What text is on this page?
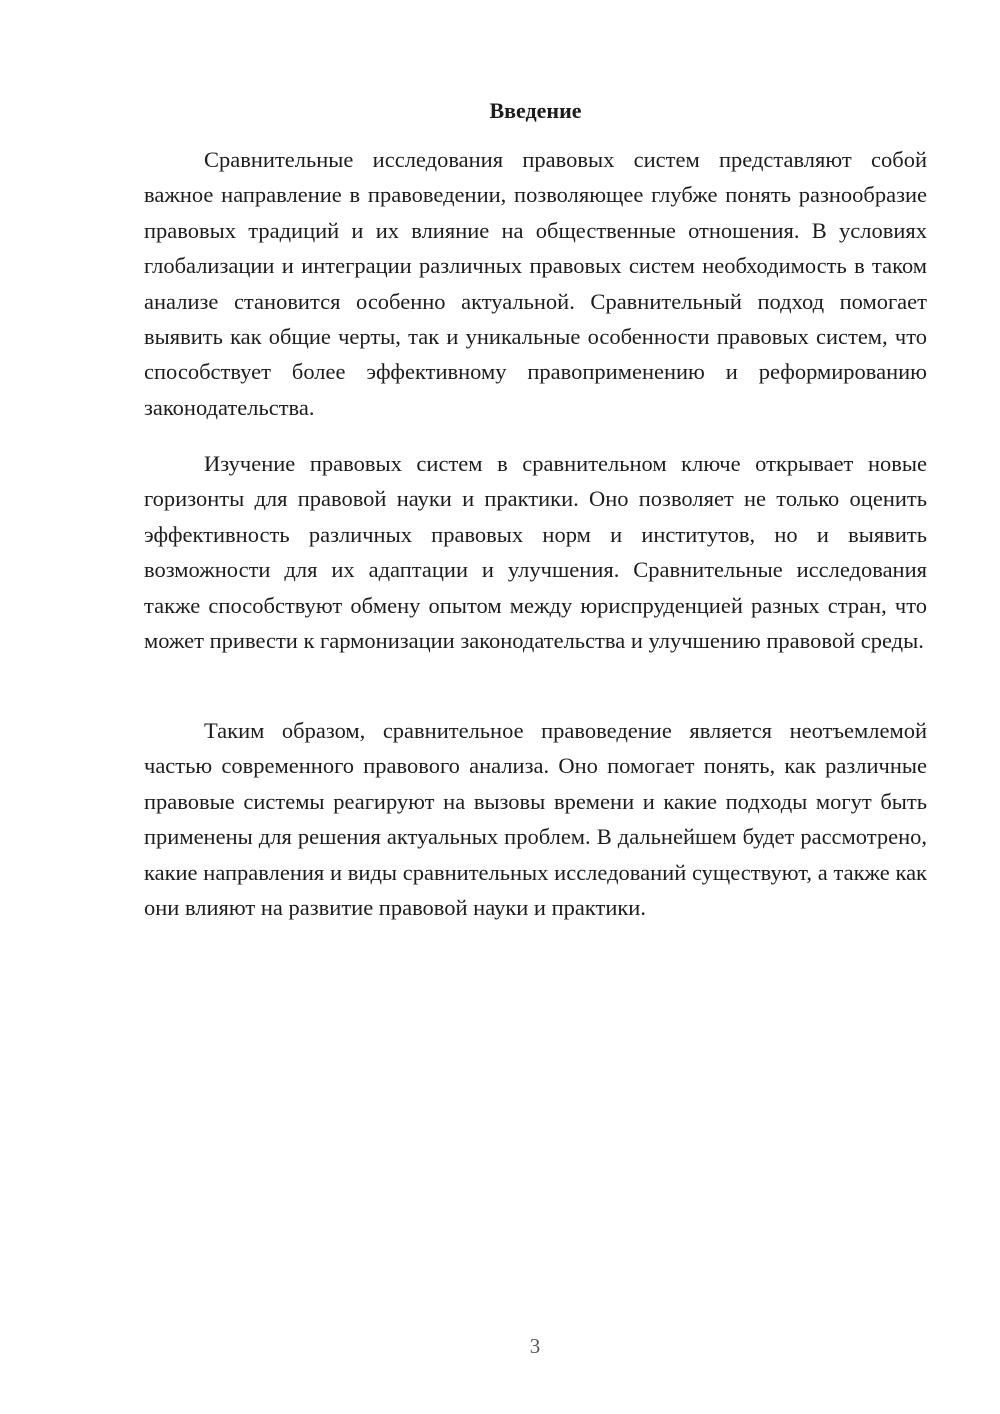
Введение

Сравнительные исследования правовых систем представляют собой важное направление в правоведении, позволяющее глубже понять разнообразие правовых традиций и их влияние на общественные отношения. В условиях глобализации и интеграции различных правовых систем необходимость в таком анализе становится особенно актуальной. Сравнительный подход помогает выявить как общие черты, так и уникальные особенности правовых систем, что способствует более эффективному правоприменению и реформированию законодательства.

Изучение правовых систем в сравнительном ключе открывает новые горизонты для правовой науки и практики. Оно позволяет не только оценить эффективность различных правовых норм и институтов, но и выявить возможности для их адаптации и улучшения. Сравнительные исследования также способствуют обмену опытом между юриспруденцией разных стран, что может привести к гармонизации законодательства и улучшению правовой среды.

Таким образом, сравнительное правоведение является неотъемлемой частью современного правового анализа. Оно помогает понять, как различные правовые системы реагируют на вызовы времени и какие подходы могут быть применены для решения актуальных проблем. В дальнейшем будет рассмотрено, какие направления и виды сравнительных исследований существуют, а также как они влияют на развитие правовой науки и практики.

3
